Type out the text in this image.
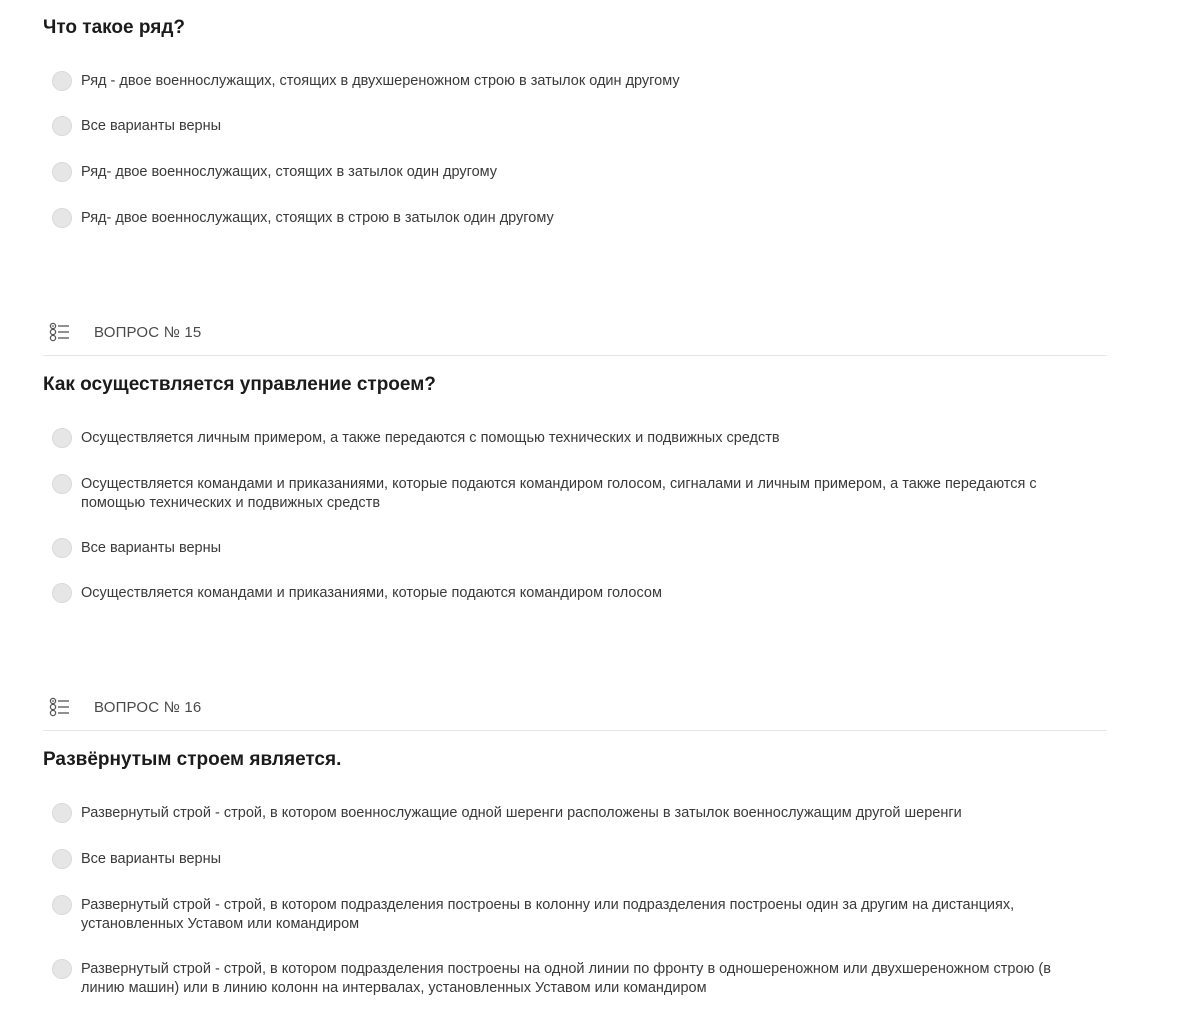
Что такое ряд?
Ряд - двое военнослужащих, стоящих в двухшереножном строю в затылок один другому
Все варианты верны
Ряд- двое военнослужащих, стоящих в затылок один другому
Ряд- двое военнослужащих, стоящих в строю в затылок один другому
ВОПРОС № 15
Как осуществляется управление строем?
Осуществляется личным примером, а также передаются с помощью технических и подвижных средств
Осуществляется командами и приказаниями, которые подаются командиром голосом, сигналами и личным примером, а также передаются с помощью технических и подвижных средств
Все варианты верны
Осуществляется командами и приказаниями, которые подаются командиром голосом
ВОПРОС № 16
Развёрнутым строем является.
Развернутый строй - строй, в котором военнослужащие одной шеренги расположены в затылок военнослужащим другой шеренги
Все варианты верны
Развернутый строй - строй, в котором подразделения построены в колонну или подразделения построены один за другим на дистанциях, установленных Уставом или командиром
Развернутый строй - строй, в котором подразделения построены на одной линии по фронту в одношереножном или двухшереножном строю (в линию машин) или в линию колонн на интервалах, установленных Уставом или командиром
